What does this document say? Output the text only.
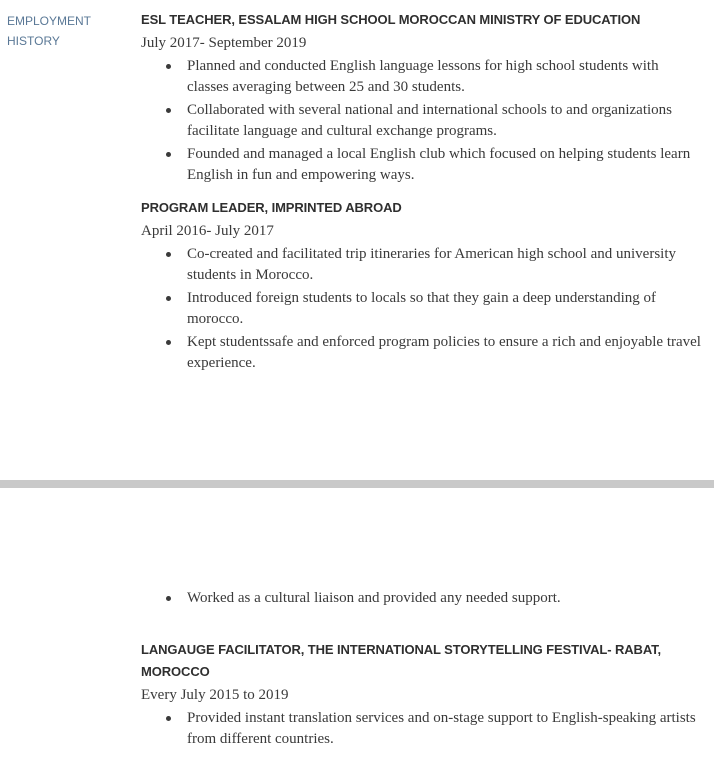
EMPLOYMENT HISTORY
ESL TEACHER, ESSALAM HIGH SCHOOL MOROCCAN MINISTRY OF EDUCATION
July 2017- September 2019
Planned and conducted English language lessons for high school students with classes averaging between 25 and 30 students.
Collaborated with several national and international schools to and organizations facilitate language and cultural exchange programs.
Founded and managed a local English club which focused on helping students learn English in fun and empowering ways.
PROGRAM LEADER, IMPRINTED ABROAD
April 2016- July 2017
Co-created and facilitated trip itineraries for American high school and university students in Morocco.
Introduced foreign students to locals so that they gain a deep understanding of morocco.
Kept studentssafe and enforced program policies to ensure a rich and enjoyable travel experience.
Worked as a cultural liaison and provided any needed support.
LANGAUGE FACILITATOR, THE INTERNATIONAL STORYTELLING FESTIVAL- RABAT, MOROCCO
Every July 2015 to 2019
Provided instant translation services and on-stage support to English-speaking artists from different countries.
